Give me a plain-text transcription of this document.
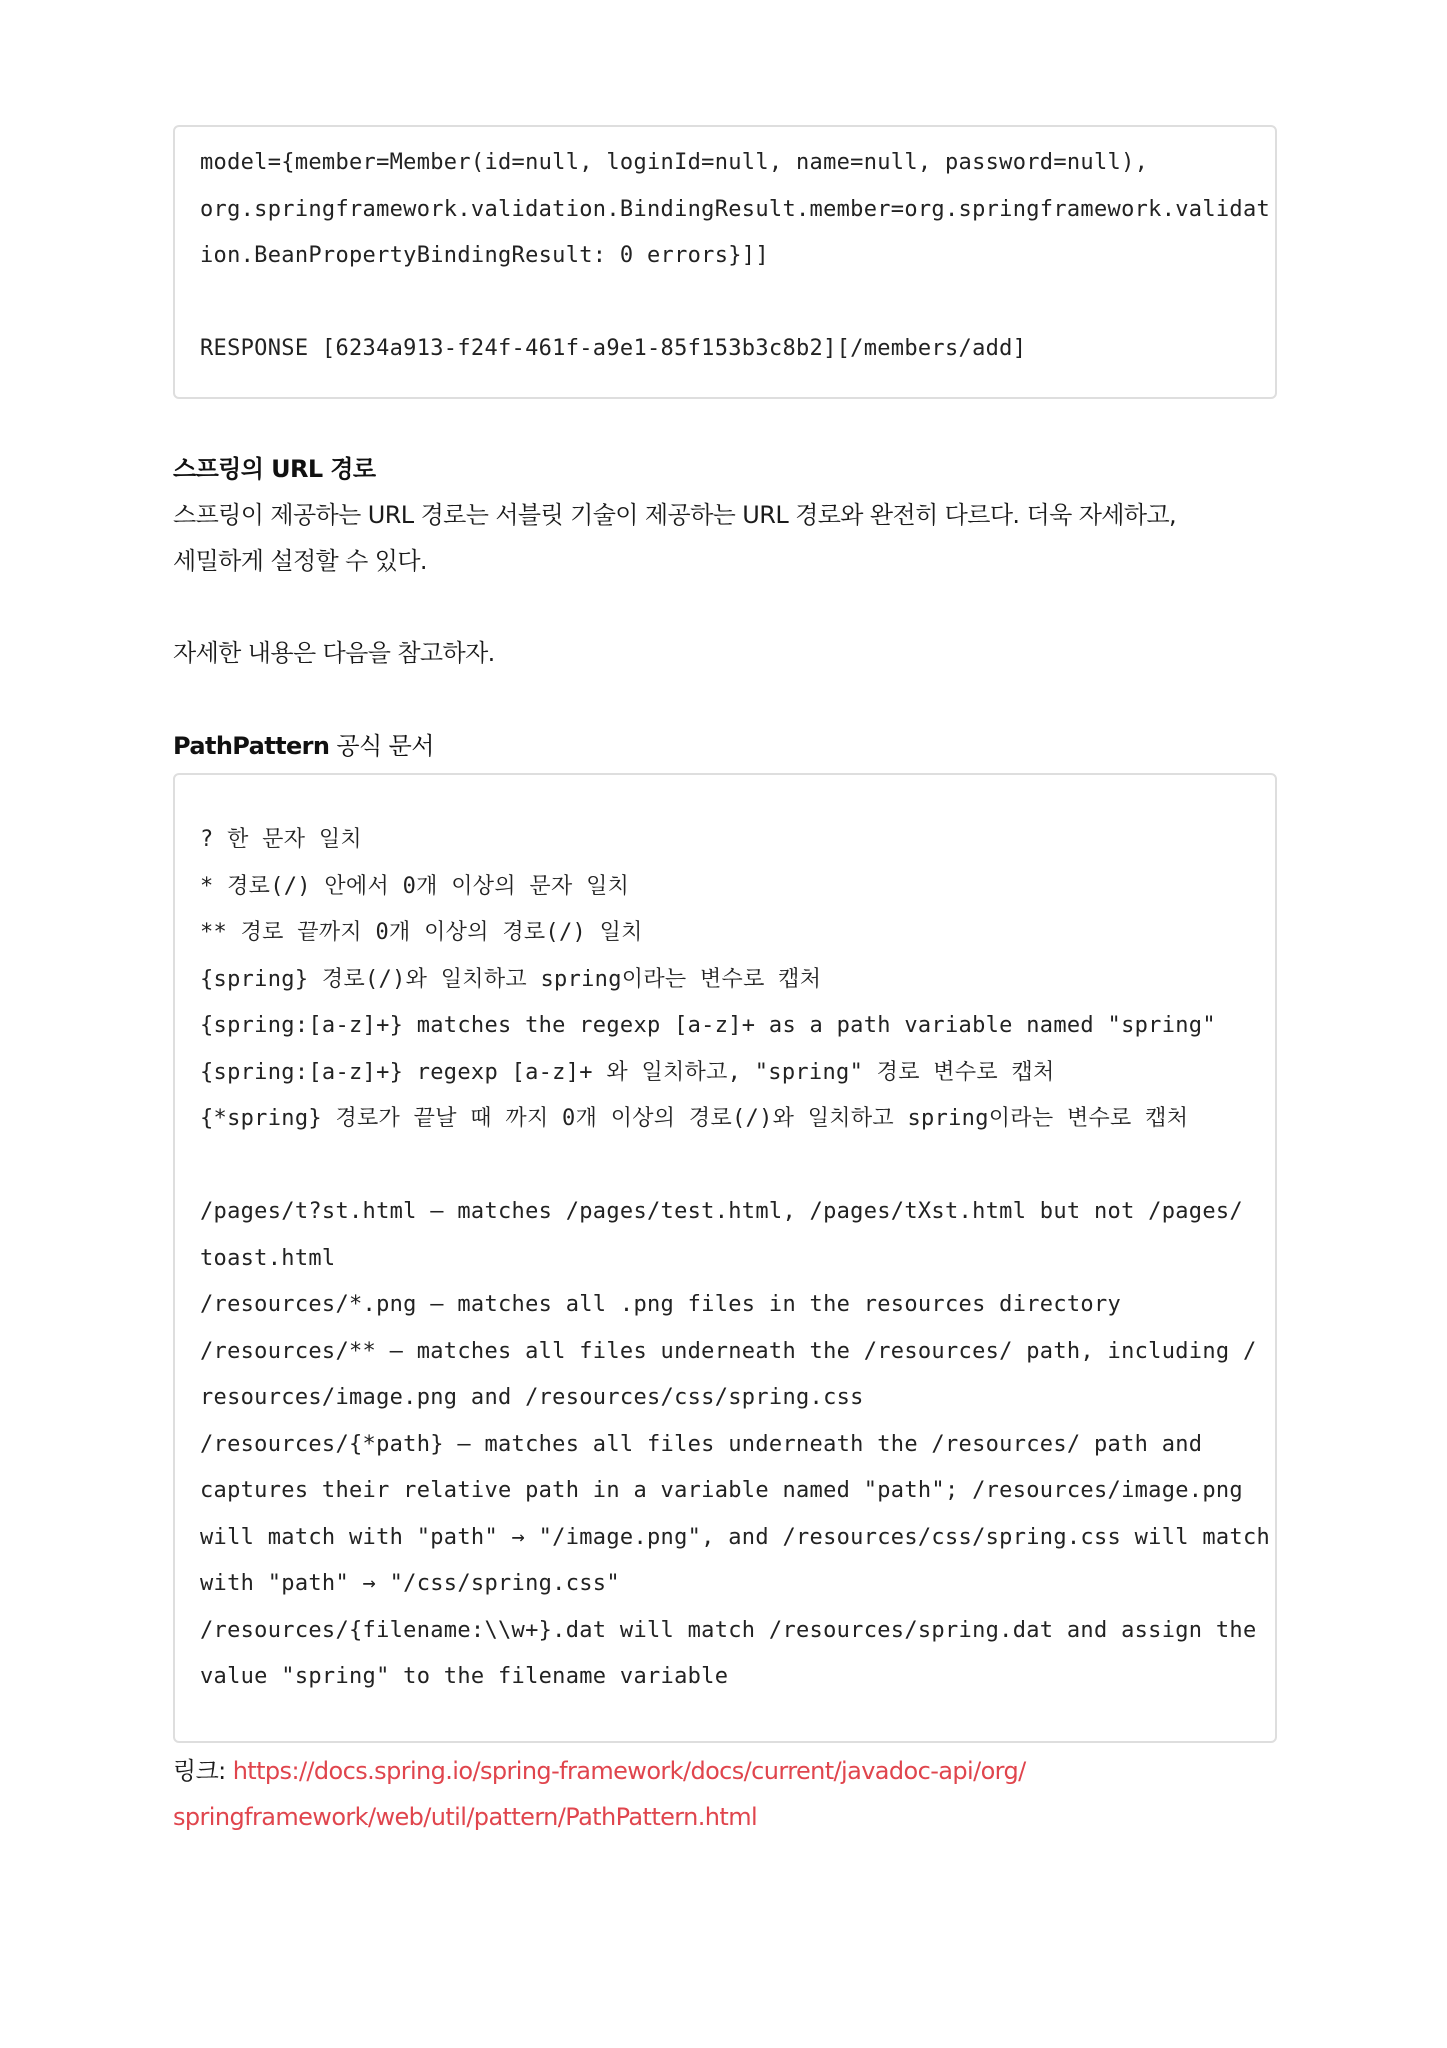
model={member=Member(id=null, loginId=null, name=null, password=null),
org.springframework.validation.BindingResult.member=org.springframework.validat
ion.BeanPropertyBindingResult: 0 errors}]]
RESPONSE [6234a913-f24f-461f-a9e1-85f153b3c8b2][/members/add]
스프링의 URL 경로
스프링이 제공하는 URL 경로는 서블릿 기술이 제공하는 URL 경로와 완전히 다르다. 더욱 자세하고,
세밀하게 설정할 수 있다.
자세한 내용은 다음을 참고하자.
PathPattern 공식 문서
? 한 문자 일치
* 경로(/) 안에서 0개 이상의 문자 일치
** 경로 끝까지 0개 이상의 경로(/) 일치
{spring} 경로(/)와 일치하고 spring이라는 변수로 캡처
{spring:[a-z]+} matches the regexp [a-z]+ as a path variable named "spring"
{spring:[a-z]+} regexp [a-z]+ 와 일치하고, "spring" 경로 변수로 캡처
{*spring} 경로가 끝날 때 까지 0개 이상의 경로(/)와 일치하고 spring이라는 변수로 캡처
/pages/t?st.html — matches /pages/test.html, /pages/tXst.html but not /pages/
toast.html
/resources/*.png — matches all .png files in the resources directory
/resources/** — matches all files underneath the /resources/ path, including /
resources/image.png and /resources/css/spring.css
/resources/{*path} — matches all files underneath the /resources/ path and
captures their relative path in a variable named "path"; /resources/image.png
will match with "path" → "/image.png", and /resources/css/spring.css will match
with "path" → "/css/spring.css"
/resources/{filename:\\w+}.dat will match /resources/spring.dat and assign the
value "spring" to the filename variable
링크: https://docs.spring.io/spring-framework/docs/current/javadoc-api/org/
springframework/web/util/pattern/PathPattern.html
